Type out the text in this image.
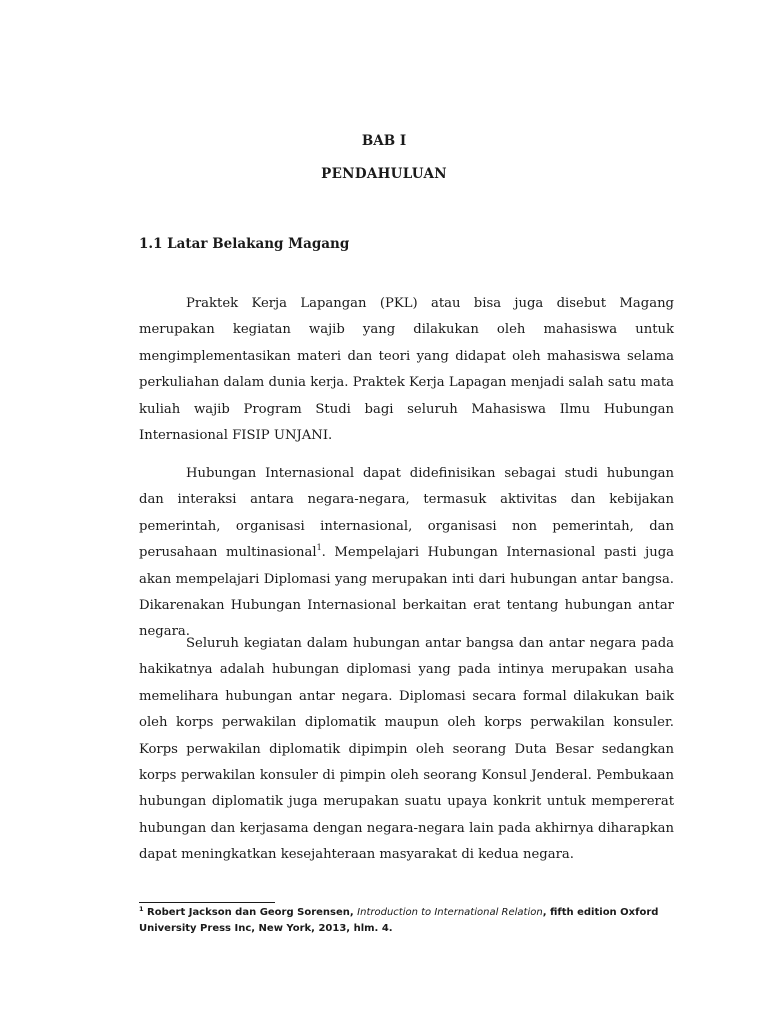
BAB I
PENDAHULUAN
1.1 Latar Belakang Magang

Praktek Kerja Lapangan (PKL) atau bisa juga disebut Magang merupakan kegiatan wajib yang dilakukan oleh mahasiswa untuk mengimplementasikan materi dan teori yang didapat oleh mahasiswa selama perkuliahan dalam dunia kerja. Praktek Kerja Lapagan menjadi salah satu mata kuliah wajib Program Studi bagi seluruh Mahasiswa Ilmu Hubungan Internasional FISIP UNJANI.

Hubungan Internasional dapat didefinisikan sebagai studi hubungan dan interaksi antara negara-negara, termasuk aktivitas dan kebijakan pemerintah, organisasi internasional, organisasi non pemerintah, dan perusahaan multinasional$^1$. Mempelajari Hubungan Internasional pasti juga akan mempelajari Diplomasi yang merupakan inti dari hubungan antar bangsa. Dikarenakan Hubungan Internasional berkaitan erat tentang hubungan antar negara.

Seluruh kegiatan dalam hubungan antar bangsa dan antar negara pada hakikatnya adalah hubungan diplomasi yang pada intinya merupakan usaha memelihara hubungan antar negara. Diplomasi secara formal dilakukan baik oleh korps perwakilan diplomatik maupun oleh korps perwakilan konsuler. Korps perwakilan diplomatik dipimpin oleh seorang Duta Besar sedangkan korps perwakilan konsuler di pimpin oleh seorang Konsul Jenderal. Pembukaan hubungan diplomatik juga merupakan suatu upaya konkrit untuk mempererat hubungan dan kerjasama dengan negara-negara lain pada akhirnya diharapkan dapat meningkatkan kesejahteraan masyarakat di kedua negara.

$^1$ Robert Jackson dan Georg Sorensen, Introduction to International Relation, fifth edition Oxford University Press Inc, New York, 2013, hlm. 4.
